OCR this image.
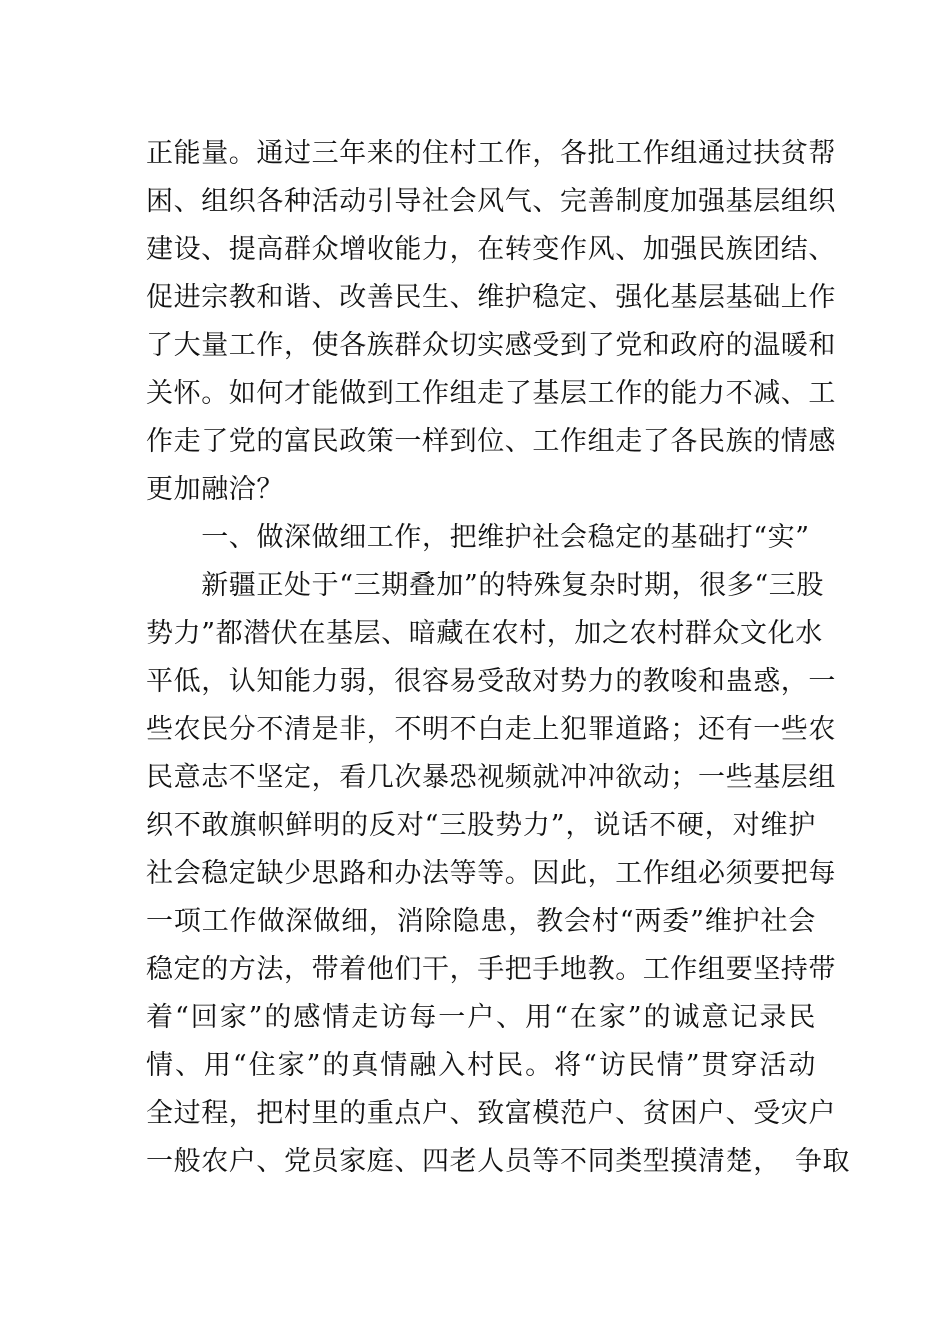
正能量。通过三年来的住村工作，各批工作组通过扶贫帮
困、组织各种活动引导社会风气、完善制度加强基层组织
建设、提高群众增收能力，在转变作风、加强民族团结、
促进宗教和谐、改善民生、维护稳定、强化基层基础上作
了大量工作，使各族群众切实感受到了党和政府的温暖和
关怀。如何才能做到工作组走了基层工作的能力不减、工
作走了党的富民政策一样到位、工作组走了各民族的情感
更加融洽？
　　一、做深做细工作，把维护社会稳定的基础打“实”
　　新疆正处于“三期叠加”的特殊复杂时期，很多“三股
势力”都潜伏在基层、暗藏在农村，加之农村群众文化水
平低，认知能力弱，很容易受敌对势力的教唆和蛊惑，一
些农民分不清是非，不明不白走上犯罪道路；还有一些农
民意志不坚定，看几次暴恐视频就冲冲欲动；一些基层组
织不敢旗帜鲜明的反对“三股势力”，说话不硬，对维护
社会稳定缺少思路和办法等等。因此，工作组必须要把每
一项工作做深做细，消除隐患，教会村“两委”维护社会
稳定的方法，带着他们干，手把手地教。工作组要坚持带
着“回家”的感情走访每一户、用“在家”的诚意记录民
情、用“住家”的真情融入村民。将“访民情”贯穿活动
全过程，把村里的重点户、致富模范户、贫困户、受灾户
一般农户、党员家庭、四老人员等不同类型摸清楚，　争取
